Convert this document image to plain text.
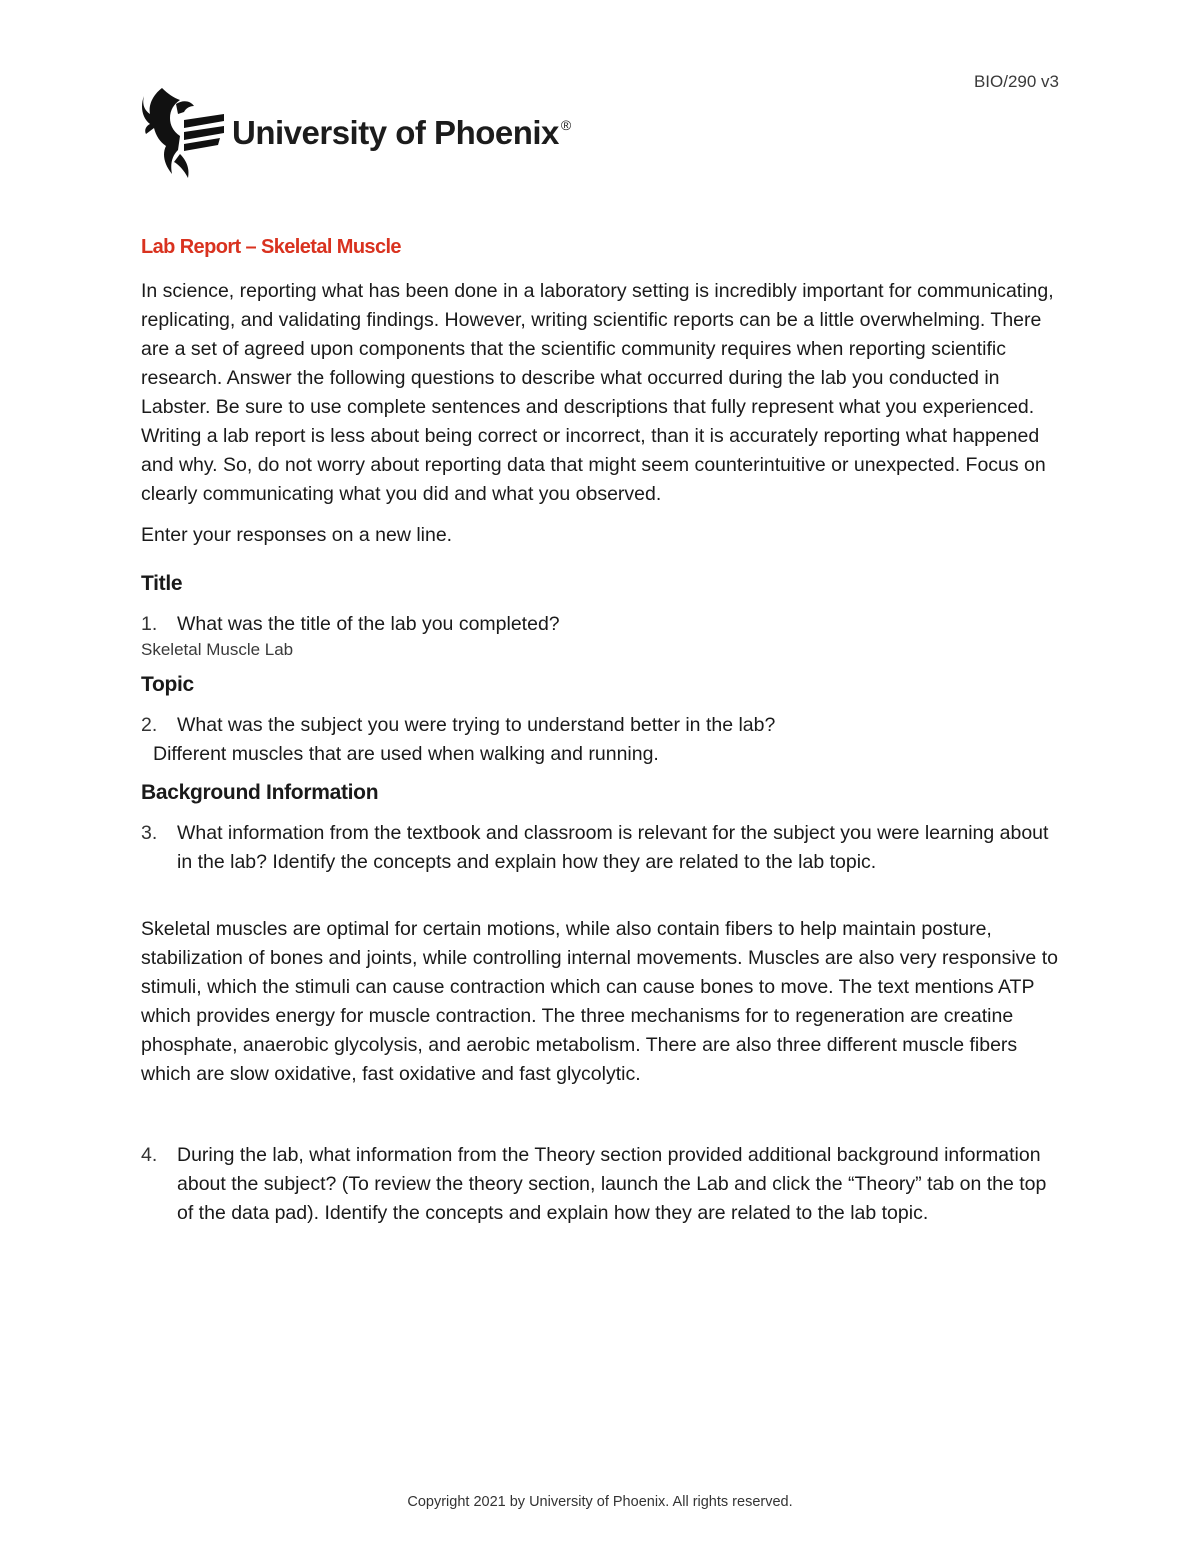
BIO/290 v3
University of Phoenix ®
Lab Report – Skeletal Muscle

In science, reporting what has been done in a laboratory setting is incredibly important for communicating, replicating, and validating findings. However, writing scientific reports can be a little overwhelming. There are a set of agreed upon components that the scientific community requires when reporting scientific research. Answer the following questions to describe what occurred during the lab you conducted in Labster. Be sure to use complete sentences and descriptions that fully represent what you experienced. Writing a lab report is less about being correct or incorrect, than it is accurately reporting what happened and why. So, do not worry about reporting data that might seem counterintuitive or unexpected. Focus on clearly communicating what you did and what you observed.

Enter your responses on a new line.

Title
1.	What was the title of the lab you completed?
Skeletal Muscle Lab
Topic
2.	What was the subject you were trying to understand better in the lab?
Different muscles that are used when walking and running.
Background Information
3.	What information from the textbook and classroom is relevant for the subject you were learning about in the lab? Identify the concepts and explain how they are related to the lab topic.

Skeletal muscles are optimal for certain motions, while also contain fibers to help maintain posture, stabilization of bones and joints, while controlling internal movements. Muscles are also very responsive to stimuli, which the stimuli can cause contraction which can cause bones to move. The text mentions ATP which provides energy for muscle contraction. The three mechanisms for to regeneration are creatine phosphate, anaerobic glycolysis, and aerobic metabolism. There are also three different muscle fibers which are slow oxidative, fast oxidative and fast glycolytic.

4.	During the lab, what information from the Theory section provided additional background information about the subject? (To review the theory section, launch the Lab and click the “Theory” tab on the top of the data pad). Identify the concepts and explain how they are related to the lab topic.
Copyright 2021 by University of Phoenix. All rights reserved.
